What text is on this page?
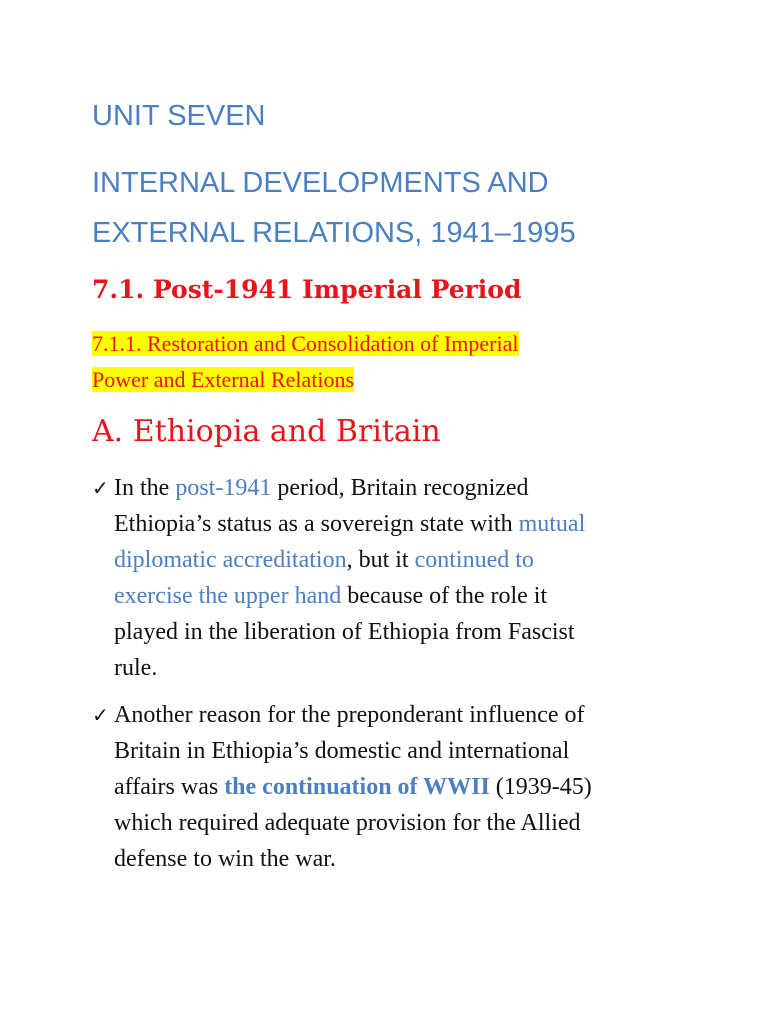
UNIT SEVEN
INTERNAL DEVELOPMENTS AND
EXTERNAL RELATIONS, 1941–1995
7.1. Post-1941 Imperial Period
7.1.1. Restoration and Consolidation of Imperial
Power and External Relations
A. Ethiopia and Britain
✓ In the post-1941 period, Britain recognized
Ethiopia’s status as a sovereign state with mutual
diplomatic accreditation, but it continued to
exercise the upper hand because of the role it
played in the liberation of Ethiopia from Fascist
rule.
✓ Another reason for the preponderant influence of
Britain in Ethiopia’s domestic and international
affairs was the continuation of WWII (1939-45)
which required adequate provision for the Allied
defense to win the war.
